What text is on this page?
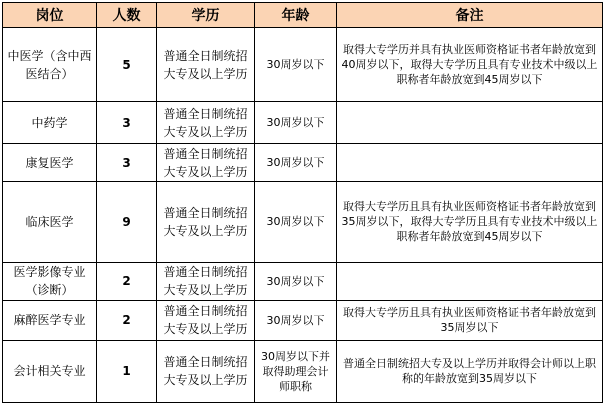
岗位	人数	学历	年龄	备注
中医学（含中西医结合）	5	普通全日制统招大专及以上学历	30周岁以下	取得大专学历并具有执业医师资格证书者年龄放宽到40周岁以下，取得大专学历且具有专业技术中级以上职称者年龄放宽到45周岁以下
中药学	3	普通全日制统招大专及以上学历	30周岁以下	
康复医学	3	普通全日制统招大专及以上学历	30周岁以下	
临床医学	9	普通全日制统招大专及以上学历	30周岁以下	取得大专学历且具有执业医师资格证书者年龄放宽到35周岁以下，取得大专学历且具有专业技术中级以上职称者年龄放宽到45周岁以下
医学影像专业（诊断）	2	普通全日制统招大专及以上学历	30周岁以下	
麻醉医学专业	2	普通全日制统招大专及以上学历	30周岁以下	取得大专学历且具有执业医师资格证书者年龄放宽到35周岁以下
会计相关专业	1	普通全日制统招大专及以上学历	30周岁以下并取得助理会计师职称	普通全日制统招大专及以上学历并取得会计师以上职称的年龄放宽到35周岁以下
